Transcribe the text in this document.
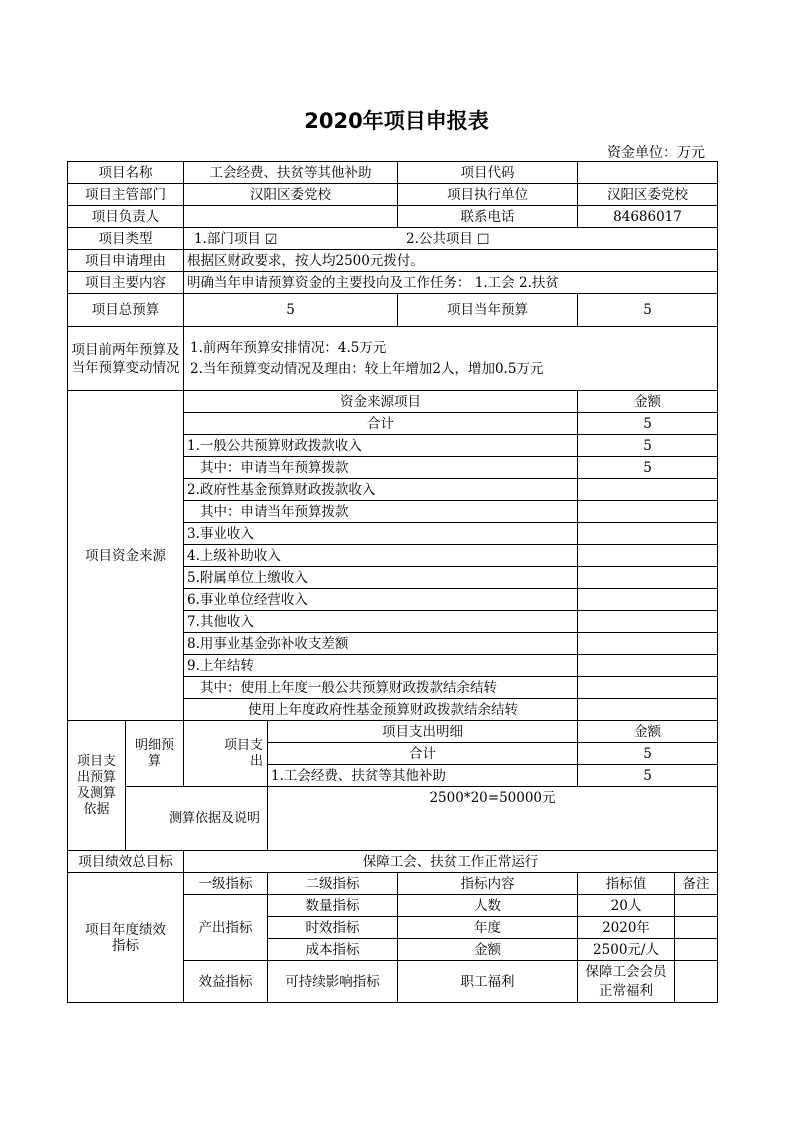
2020年项目申报表
资金单位：万元
项目名称		工会经费、扶贫等其他补助		项目代码		
项目主管部门		汉阳区委党校		项目执行单位	汉阳区委党校	
项目负责人				联系电话	84686017	
项目类型		1.部门项目 ☑ 2.公共项目 ☐				
项目申请理由		根据区财政要求，按人均2500元拨付。				
项目主要内容		明确当年申请预算资金的主要投向及工作任务： 1.工会 2.扶贫				
项目总预算		5		项目当年预算	5	
项目前两年预算及当年预算变动情况		1.前两年预算安排情况：4.5万元
2.当年预算变动情况及理由：较上年增加2人，增加0.5万元				

项目资金来源		资金来源项目			金额	
		合计			5	
		1.一般公共预算财政拨款收入			5	
		其中：申请当年预算拨款			5	
		2.政府性基金预算财政拨款收入				
		其中：申请当年预算拨款				
		3.事业收入				
		4.上级补助收入				
		5.附属单位上缴收入				
		6.事业单位经营收入				
		7.其他收入				
		8.用事业基金弥补收支差额				
		9.上年结转				
		其中：使用上年度一般公共预算财政拨款结余结转				
		使用上年度政府性基金预算财政拨款结余结转				
项目支出预算及测算依据	明细预算	项目支出	项目支出明细		金额	
			合计		5	
			1.工会经费、扶贫等其他补助		5	
	测算依据及说明		2500*20=50000元			
项目绩效总目标		保障工会、扶贫工作正常运行				
项目年度绩效指标		一级指标	二级指标	指标内容	指标值	备注
		产出指标	数量指标	人数	20人	
			时效指标	年度	2020年	
			成本指标	金额	2500元/人	
		效益指标	可持续影响指标	职工福利	保障工会会员正常福利	
